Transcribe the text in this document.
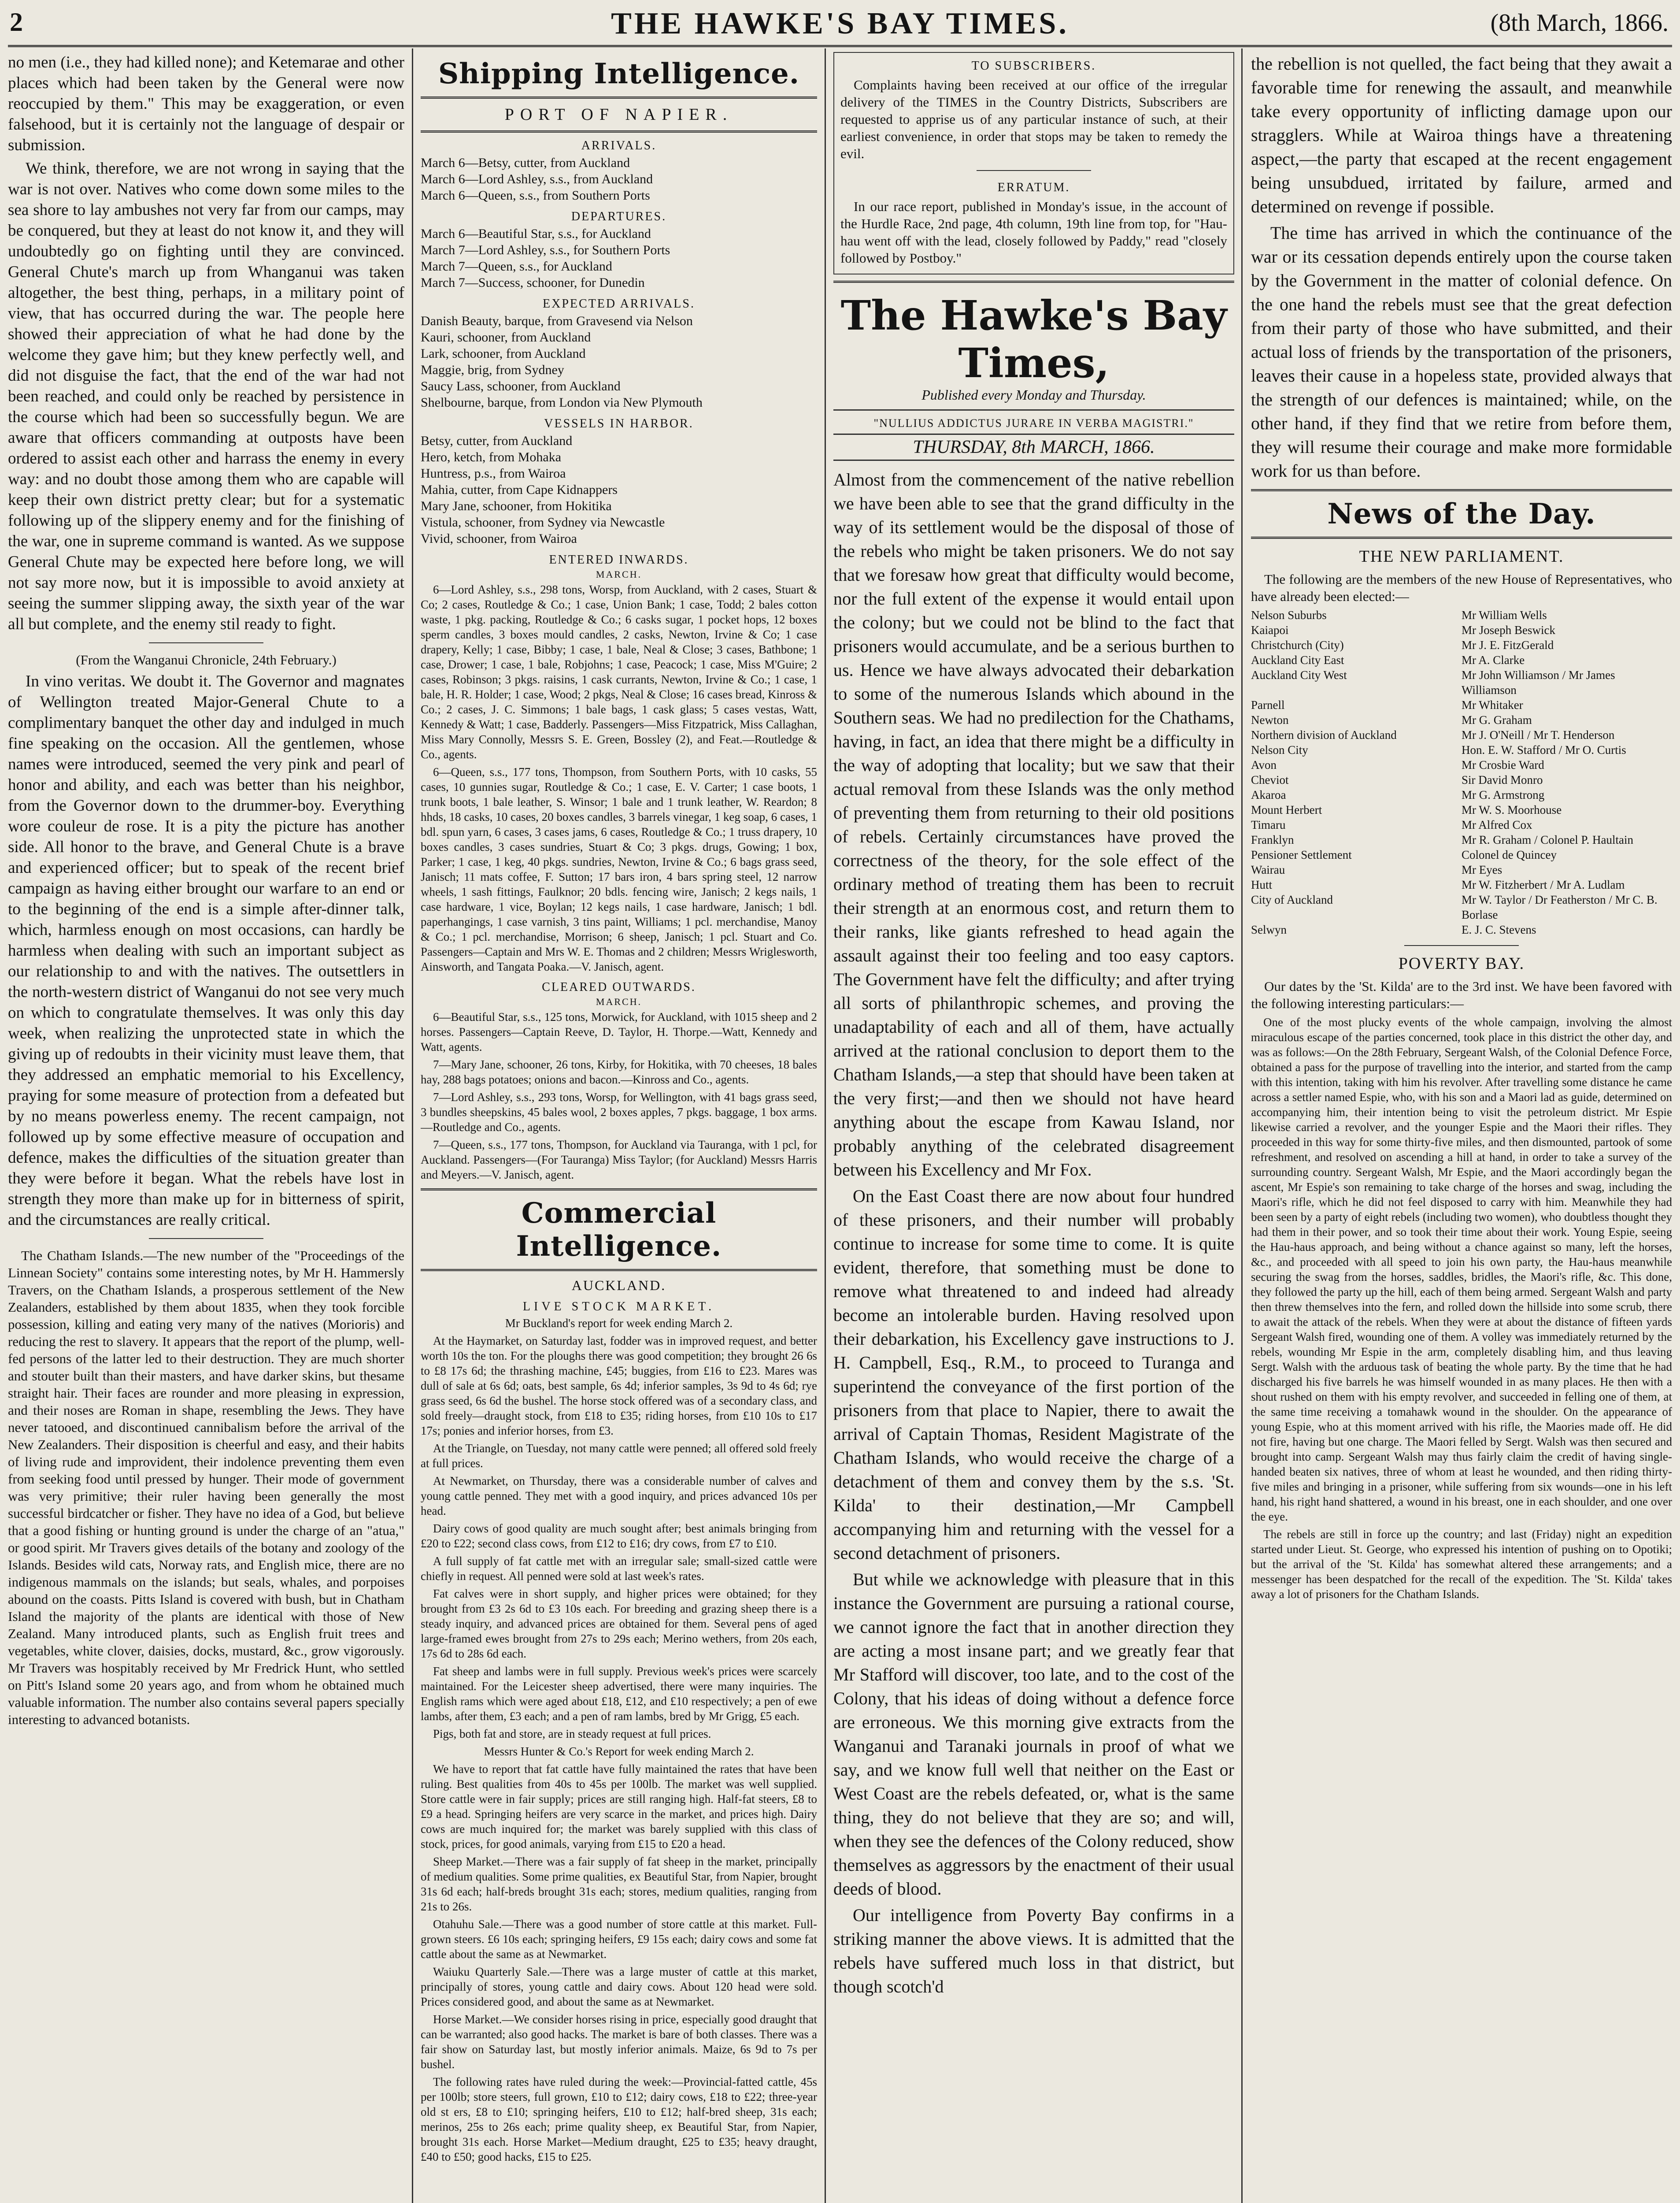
2	THE HAWKE'S BAY TIMES.	(8th March, 1866.

no men (i.e., they had killed none); and Ketemarae and other places which had been taken by the General were now reoccupied by them." This may be exaggeration, or even falsehood, but it is certainly not the language of despair or submission.

We think, therefore, we are not wrong in saying that the war is not over. Natives who come down some miles to the sea shore to lay ambushes not very far from our camps, may be conquered, but they at least do not know it, and they will undoubtedly go on fighting until they are convinced. General Chute's march up from Whanganui was taken altogether, the best thing, perhaps, in a military point of view, that has occurred during the war. The people here showed their appreciation of what he had done by the welcome they gave him; but they knew perfectly well, and did not disguise the fact, that the end of the war had not been reached, and could only be reached by persistence in the course which had been so successfully begun. We are aware that officers commanding at outposts have been ordered to assist each other and harrass the enemy in every way: and no doubt those among them who are capable will keep their own district pretty clear; but for a systematic following up of the slippery enemy and for the finishing of the war, one in supreme command is wanted. As we suppose General Chute may be expected here before long, we will not say more now, but it is impossible to avoid anxiety at seeing the summer slipping away, the sixth year of the war all but complete, and the enemy stil ready to fight.

(From the Wanganui Chronicle, 24th February.)

In vino veritas. We doubt it. The Governor and magnates of Wellington treated Major-General Chute to a complimentary banquet the other day and indulged in much fine speaking on the occasion. All the gentlemen, whose names were introduced, seemed the very pink and pearl of honor and ability, and each was better than his neighbor, from the Governor down to the drummer-boy. Everything wore couleur de rose. It is a pity the picture has another side. All honor to the brave, and General Chute is a brave and experienced officer; but to speak of the recent brief campaign as having either brought our warfare to an end or to the beginning of the end is a simple after-dinner talk, which, harmless enough on most occasions, can hardly be harmless when dealing with such an important subject as our relationship to and with the natives. The outsettlers in the north-western district of Wanganui do not see very much on which to congratulate themselves. It was only this day week, when realizing the unprotected state in which the giving up of redoubts in their vicinity must leave them, that they addressed an emphatic memorial to his Excellency, praying for some measure of protection from a defeated but by no means powerless enemy. The recent campaign, not followed up by some effective measure of occupation and defence, makes the difficulties of the situation greater than they were before it began. What the rebels have lost in strength they more than make up for in bitterness of spirit, and the circumstances are really critical.

The Chatham Islands.—The new number of the "Proceedings of the Linnean Society" contains some interesting notes, by Mr H. Hammersly Travers, on the Chatham Islands, a prosperous settlement of the New Zealanders, established by them about 1835, when they took forcible possession, killing and eating very many of the natives (Morioris) and reducing the rest to slavery. It appears that the report of the plump, well-fed persons of the latter led to their destruction. They are much shorter and stouter built than their masters, and have darker skins, but thesame straight hair. Their faces are rounder and more pleasing in expression, and their noses are Roman in shape, resembling the Jews. They have never tatooed, and discontinued cannibalism before the arrival of the New Zealanders. Their disposition is cheerful and easy, and their habits of living rude and improvident, their indolence preventing them even from seeking food until pressed by hunger. Their mode of government was very primitive; their ruler having been generally the most successful birdcatcher or fisher. They have no idea of a God, but believe that a good fishing or hunting ground is under the charge of an "atua," or good spirit. Mr Travers gives details of the botany and zoology of the Islands. Besides wild cats, Norway rats, and English mice, there are no indigenous mammals on the islands; but seals, whales, and porpoises abound on the coasts. Pitts Island is covered with bush, but in Chatham Island the majority of the plants are identical with those of New Zealand. Many introduced plants, such as English fruit trees and vegetables, white clover, daisies, docks, mustard, &c., grow vigorously. Mr Travers was hospitably received by Mr Fredrick Hunt, who settled on Pitt's Island some 20 years ago, and from whom he obtained much valuable information. The number also contains several papers specially interesting to advanced botanists.

Shipping Intelligence.
PORT OF NAPIER.
ARRIVALS.
March 6—Betsy, cutter, from Auckland
March 6—Lord Ashley, s.s., from Auckland
March 6—Queen, s.s., from Southern Ports
DEPARTURES.
March 6—Beautiful Star, s.s., for Auckland
March 7—Lord Ashley, s.s., for Southern Ports
March 7—Queen, s.s., for Auckland
March 7—Success, schooner, for Dunedin
EXPECTED ARRIVALS.
Danish Beauty, barque, from Gravesend via Nelson
Kauri, schooner, from Auckland
Lark, schooner, from Auckland
Maggie, brig, from Sydney
Saucy Lass, schooner, from Auckland
Shelbourne, barque, from London via New Plymouth
VESSELS IN HARBOR.
Betsy, cutter, from Auckland
Hero, ketch, from Mohaka
Huntress, p.s., from Wairoa
Mahia, cutter, from Cape Kidnappers
Mary Jane, schooner, from Hokitika
Vistula, schooner, from Sydney via Newcastle
Vivid, schooner, from Wairoa
ENTERED INWARDS.
MARCH.

6—Lord Ashley, s.s., 298 tons, Worsp, from Auckland, with 2 cases, Stuart & Co; 2 cases, Routledge & Co.; 1 case, Union Bank; 1 case, Todd; 2 bales cotton waste, 1 pkg. packing, Routledge & Co.; 6 casks sugar, 1 pocket hops, 12 boxes sperm candles, 3 boxes mould candles, 2 casks, Newton, Irvine & Co; 1 case drapery, Kelly; 1 case, Bibby; 1 case, 1 bale, Neal & Close; 3 cases, Bathbone; 1 case, Drower; 1 case, 1 bale, Robjohns; 1 case, Peacock; 1 case, Miss M'Guire; 2 cases, Robinson; 3 pkgs. raisins, 1 cask currants, Newton, Irvine & Co.; 1 case, 1 bale, H. R. Holder; 1 case, Wood; 2 pkgs, Neal & Close; 16 cases bread, Kinross & Co.; 2 cases, J. C. Simmons; 1 bale bags, 1 cask glass; 5 cases vestas, Watt, Kennedy & Watt; 1 case, Badderly. Passengers—Miss Fitzpatrick, Miss Callaghan, Miss Mary Connolly, Messrs S. E. Green, Bossley (2), and Feat.—Routledge & Co., agents.

6—Queen, s.s., 177 tons, Thompson, from Southern Ports, with 10 casks, 55 cases, 10 gunnies sugar, Routledge & Co.; 1 case, E. V. Carter; 1 case boots, 1 trunk boots, 1 bale leather, S. Winsor; 1 bale and 1 trunk leather, W. Reardon; 8 hhds, 18 casks, 10 cases, 20 boxes candles, 3 barrels vinegar, 1 keg soap, 6 cases, 1 bdl. spun yarn, 6 cases, 3 cases jams, 6 cases, Routledge & Co.; 1 truss drapery, 10 boxes candles, 3 cases sundries, Stuart & Co; 3 pkgs. drugs, Gowing; 1 box, Parker; 1 case, 1 keg, 40 pkgs. sundries, Newton, Irvine & Co.; 6 bags grass seed, Janisch; 11 mats coffee, F. Sutton; 17 bars iron, 4 bars spring steel, 12 narrow wheels, 1 sash fittings, Faulknor; 20 bdls. fencing wire, Janisch; 2 kegs nails, 1 case hardware, 1 vice, Boylan; 12 kegs nails, 1 case hardware, Janisch; 1 bdl. paperhangings, 1 case varnish, 3 tins paint, Williams; 1 pcl. merchandise, Manoy & Co.; 1 pcl. merchandise, Morrison; 6 sheep, Janisch; 1 pcl. Stuart and Co. Passengers—Captain and Mrs W. E. Thomas and 2 children; Messrs Wriglesworth, Ainsworth, and Tangata Poaka.—V. Janisch, agent.

CLEARED OUTWARDS.
MARCH.

6—Beautiful Star, s.s., 125 tons, Morwick, for Auckland, with 1015 sheep and 2 horses. Passengers—Captain Reeve, D. Taylor, H. Thorpe.—Watt, Kennedy and Watt, agents.

7—Mary Jane, schooner, 26 tons, Kirby, for Hokitika, with 70 cheeses, 18 bales hay, 288 bags potatoes; onions and bacon.—Kinross and Co., agents.

7—Lord Ashley, s.s., 293 tons, Worsp, for Wellington, with 41 bags grass seed, 3 bundles sheepskins, 45 bales wool, 2 boxes apples, 7 pkgs. baggage, 1 box arms.—Routledge and Co., agents.

7—Queen, s.s., 177 tons, Thompson, for Auckland via Tauranga, with 1 pcl, for Auckland. Passengers—(For Tauranga) Miss Taylor; (for Auckland) Messrs Harris and Meyers.—V. Janisch, agent.

Commercial Intelligence.
AUCKLAND.
LIVE STOCK MARKET.

Mr Buckland's report for week ending March 2.

At the Haymarket, on Saturday last, fodder was in improved request, and better worth 10s the ton. For the ploughs there was good competition; they brought 26 6s to £8 17s 6d; the thrashing machine, £45; buggies, from £16 to £23. Mares was dull of sale at 6s 6d; oats, best sample, 6s 4d; inferior samples, 3s 9d to 4s 6d; rye grass seed, 6s 6d the bushel. The horse stock offered was of a secondary class, and sold freely—draught stock, from £18 to £35; riding horses, from £10 10s to £17 17s; ponies and inferior horses, from £3.

At the Triangle, on Tuesday, not many cattle were penned; all offered sold freely at full prices.

At Newmarket, on Thursday, there was a considerable number of calves and young cattle penned. They met with a good inquiry, and prices advanced 10s per head.

Dairy cows of good quality are much sought after; best animals bringing from £20 to £22; second class cows, from £12 to £16; dry cows, from £7 to £10.

A full supply of fat cattle met with an irregular sale; small-sized cattle were chiefly in request. All penned were sold at last week's rates.

Fat calves were in short supply, and higher prices were obtained; for they brought from £3 2s 6d to £3 10s each. For breeding and grazing sheep there is a steady inquiry, and advanced prices are obtained for them. Several pens of aged large-framed ewes brought from 27s to 29s each; Merino wethers, from 20s each, 17s 6d to 28s 6d each.

Fat sheep and lambs were in full supply. Previous week's prices were scarcely maintained. For the Leicester sheep advertised, there were many inquiries. The English rams which were aged about £18, £12, and £10 respectively; a pen of ewe lambs, after them, £3 each; and a pen of ram lambs, bred by Mr Grigg, £5 each.

Pigs, both fat and store, are in steady request at full prices.

Messrs Hunter & Co.'s Report for week ending March 2.

We have to report that fat cattle have fully maintained the rates that have been ruling. Best qualities from 40s to 45s per 100lb. The market was well supplied. Store cattle were in fair supply; prices are still ranging high. Half-fat steers, £8 to £9 a head. Springing heifers are very scarce in the market, and prices high. Dairy cows are much inquired for; the market was barely supplied with this class of stock, prices, for good animals, varying from £15 to £20 a head.

Sheep Market.—There was a fair supply of fat sheep in the market, principally of medium qualities. Some prime qualities, ex Beautiful Star, from Napier, brought 31s 6d each; half-breds brought 31s each; stores, medium qualities, ranging from 21s to 26s.

Otahuhu Sale.—There was a good number of store cattle at this market. Full-grown steers. £6 10s each; springing heifers, £9 15s each; dairy cows and some fat cattle about the same as at Newmarket.

Waiuku Quarterly Sale.—There was a large muster of cattle at this market, principally of stores, young cattle and dairy cows. About 120 head were sold. Prices considered good, and about the same as at Newmarket.

Horse Market.—We consider horses rising in price, especially good draught that can be warranted; also good hacks. The market is bare of both classes. There was a fair show on Saturday last, but mostly inferior animals. Maize, 6s 9d to 7s per bushel.

The following rates have ruled during the week:—Provincial-fatted cattle, 45s per 100lb; store steers, full grown, £10 to £12; dairy cows, £18 to £22; three-year old st ers, £8 to £10; springing heifers, £10 to £12; half-bred sheep, 31s each; merinos, 25s to 26s each; prime quality sheep, ex Beautiful Star, from Napier, brought 31s each. Horse Market—Medium draught, £25 to £35; heavy draught, £40 to £50; good hacks, £15 to £25.

TO SUBSCRIBERS.

Complaints having been received at our office of the irregular delivery of the TIMES in the Country Districts, Subscribers are requested to apprise us of any particular instance of such, at their earliest convenience, in order that stops may be taken to remedy the evil.

ERRATUM.

In our race report, published in Monday's issue, in the account of the Hurdle Race, 2nd page, 4th column, 19th line from top, for "Hau-hau went off with the lead, closely followed by Paddy," read "closely followed by Postboy."

The Hawke's Bay Times,
Published every Monday and Thursday.
"NULLIUS ADDICTUS JURARE IN VERBA MAGISTRI."
THURSDAY, 8th MARCH, 1866.

Almost from the commencement of the native rebellion we have been able to see that the grand difficulty in the way of its settlement would be the disposal of those of the rebels who might be taken prisoners. We do not say that we foresaw how great that difficulty would become, nor the full extent of the expense it would entail upon the colony; but we could not be blind to the fact that prisoners would accumulate, and be a serious burthen to us. Hence we have always advocated their debarkation to some of the numerous Islands which abound in the Southern seas. We had no predilection for the Chathams, having, in fact, an idea that there might be a difficulty in the way of adopting that locality; but we saw that their actual removal from these Islands was the only method of preventing them from returning to their old positions of rebels. Certainly circumstances have proved the correctness of the theory, for the sole effect of the ordinary method of treating them has been to recruit their strength at an enormous cost, and return them to their ranks, like giants refreshed to head again the assault against their too feeling and too easy captors. The Government have felt the difficulty; and after trying all sorts of philanthropic schemes, and proving the unadaptability of each and all of them, have actually arrived at the rational conclusion to deport them to the Chatham Islands,—a step that should have been taken at the very first;—and then we should not have heard anything about the escape from Kawau Island, nor probably anything of the celebrated disagreement between his Excellency and Mr Fox.

On the East Coast there are now about four hundred of these prisoners, and their number will probably continue to increase for some time to come. It is quite evident, therefore, that something must be done to remove what threatened to and indeed had already become an intolerable burden. Having resolved upon their debarkation, his Excellency gave instructions to J. H. Campbell, Esq., R.M., to proceed to Turanga and superintend the conveyance of the first portion of the prisoners from that place to Napier, there to await the arrival of Captain Thomas, Resident Magistrate of the Chatham Islands, who would receive the charge of a detachment of them and convey them by the s.s. 'St. Kilda' to their destination,—Mr Campbell accompanying him and returning with the vessel for a second detachment of prisoners.

But while we acknowledge with pleasure that in this instance the Government are pursuing a rational course, we cannot ignore the fact that in another direction they are acting a most insane part; and we greatly fear that Mr Stafford will discover, too late, and to the cost of the Colony, that his ideas of doing without a defence force are erroneous. We this morning give extracts from the Wanganui and Taranaki journals in proof of what we say, and we know full well that neither on the East or West Coast are the rebels defeated, or, what is the same thing, they do not believe that they are so; and will, when they see the defences of the Colony reduced, show themselves as aggressors by the enactment of their usual deeds of blood.

Our intelligence from Poverty Bay confirms in a striking manner the above views. It is admitted that the rebels have suffered much loss in that district, but though scotch'd

the rebellion is not quelled, the fact being that they await a favorable time for renewing the assault, and meanwhile take every opportunity of inflicting damage upon our stragglers. While at Wairoa things have a threatening aspect,—the party that escaped at the recent engagement being unsubdued, irritated by failure, armed and determined on revenge if possible.

The time has arrived in which the continuance of the war or its cessation depends entirely upon the course taken by the Government in the matter of colonial defence. On the one hand the rebels must see that the great defection from their party of those who have submitted, and their actual loss of friends by the transportation of the prisoners, leaves their cause in a hopeless state, provided always that the strength of our defences is maintained; while, on the other hand, if they find that we retire from before them, they will resume their courage and make more formidable work for us than before.

News of the Day.
THE NEW PARLIAMENT.

The following are the members of the new House of Representatives, who have already been elected:—

Nelson Suburbs	Mr William Wells
Kaiapoi	Mr Joseph Beswick
Christchurch (City)	Mr J. E. FitzGerald
Auckland City East	Mr A. Clarke
Auckland City West	Mr John Williamson / Mr James Williamson
Parnell	Mr Whitaker
Newton	Mr G. Graham
Northern division of Auckland	Mr J. O'Neill / Mr T. Henderson
Nelson City	Hon. E. W. Stafford / Mr O. Curtis
Avon	Mr Crosbie Ward
Cheviot	Sir David Monro
Akaroa	Mr G. Armstrong
Mount Herbert	Mr W. S. Moorhouse
Timaru	Mr Alfred Cox
Franklyn	Mr R. Graham / Colonel P. Haultain
Pensioner Settlement	Colonel de Quincey
Wairau	Mr Eyes
Hutt	Mr W. Fitzherbert / Mr A. Ludlam
City of Auckland	Mr W. Taylor / Dr Featherston / Mr C. B. Borlase
Selwyn	E. J. C. Stevens
POVERTY BAY.

Our dates by the 'St. Kilda' are to the 3rd inst. We have been favored with the following interesting particulars:—

One of the most plucky events of the whole campaign, involving the almost miraculous escape of the parties concerned, took place in this district the other day, and was as follows:—On the 28th February, Sergeant Walsh, of the Colonial Defence Force, obtained a pass for the purpose of travelling into the interior, and started from the camp with this intention, taking with him his revolver. After travelling some distance he came across a settler named Espie, who, with his son and a Maori lad as guide, determined on accompanying him, their intention being to visit the petroleum district. Mr Espie likewise carried a revolver, and the younger Espie and the Maori their rifles. They proceeded in this way for some thirty-five miles, and then dismounted, partook of some refreshment, and resolved on ascending a hill at hand, in order to take a survey of the surrounding country. Sergeant Walsh, Mr Espie, and the Maori accordingly began the ascent, Mr Espie's son remaining to take charge of the horses and swag, including the Maori's rifle, which he did not feel disposed to carry with him. Meanwhile they had been seen by a party of eight rebels (including two women), who doubtless thought they had them in their power, and so took their time about their work. Young Espie, seeing the Hau-haus approach, and being without a chance against so many, left the horses, &c., and proceeded with all speed to join his own party, the Hau-haus meanwhile securing the swag from the horses, saddles, bridles, the Maori's rifle, &c. This done, they followed the party up the hill, each of them being armed. Sergeant Walsh and party then threw themselves into the fern, and rolled down the hillside into some scrub, there to await the attack of the rebels. When they were at about the distance of fifteen yards Sergeant Walsh fired, wounding one of them. A volley was immediately returned by the rebels, wounding Mr Espie in the arm, completely disabling him, and thus leaving Sergt. Walsh with the arduous task of beating the whole party. By the time that he had discharged his five barrels he was himself wounded in as many places. He then with a shout rushed on them with his empty revolver, and succeeded in felling one of them, at the same time receiving a tomahawk wound in the shoulder. On the appearance of young Espie, who at this moment arrived with his rifle, the Maories made off. He did not fire, having but one charge. The Maori felled by Sergt. Walsh was then secured and brought into camp. Sergeant Walsh may thus fairly claim the credit of having single-handed beaten six natives, three of whom at least he wounded, and then riding thirty-five miles and bringing in a prisoner, while suffering from six wounds—one in his left hand, his right hand shattered, a wound in his breast, one in each shoulder, and one over the eye.

The rebels are still in force up the country; and last (Friday) night an expedition started under Lieut. St. George, who expressed his intention of pushing on to Opotiki; but the arrival of the 'St. Kilda' has somewhat altered these arrangements; and a messenger has been despatched for the recall of the expedition. The 'St. Kilda' takes away a lot of prisoners for the Chatham Islands.
